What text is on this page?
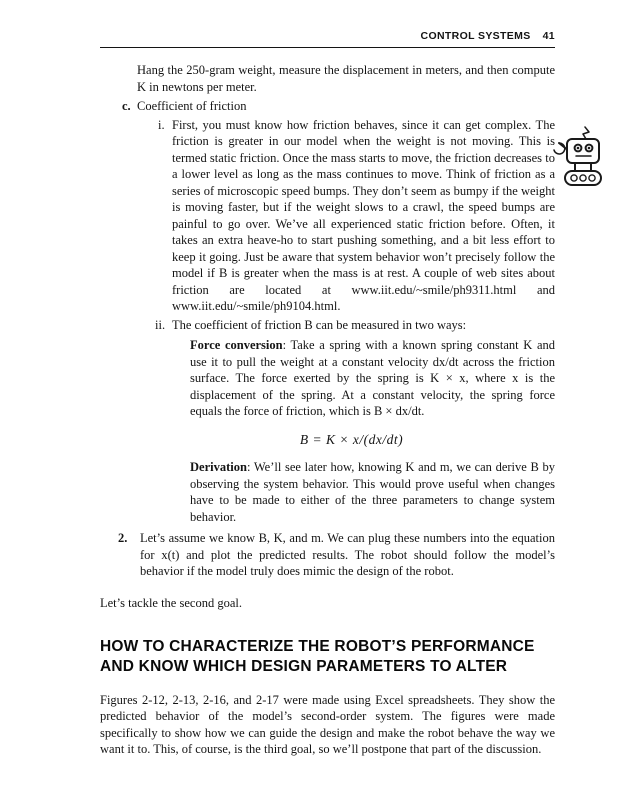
CONTROL SYSTEMS 41

Hang the 250-gram weight, measure the displacement in meters, and then compute K in newtons per meter.

c. Coefficient of friction
i. First, you must know how friction behaves, since it can get complex. The friction is greater in our model when the weight is not moving. This is termed static friction. Once the mass starts to move, the friction decreases to a lower level as long as the mass continues to move. Think of friction as a series of microscopic speed bumps. They don’t seem as bumpy if the weight is moving faster, but if the weight slows to a crawl, the speed bumps are painful to go over. We’ve all experienced static friction before. Often, it takes an extra heave-ho to start pushing something, and a bit less effort to keep it going. Just be aware that system behavior won’t precisely follow the model if B is greater when the mass is at rest. A couple of web sites about friction are located at www.iit.edu/~smile/ph9311.html and www.iit.edu/~smile/ph9104.html.
ii. The coefficient of friction B can be measured in two ways:

Force conversion: Take a spring with a known spring constant K and use it to pull the weight at a constant velocity dx/dt across the friction surface. The force exerted by the spring is K × x, where x is the displacement of the spring. At a constant velocity, the spring force equals the force of friction, which is B × dx/dt.

B = K × x/(dx/dt)

Derivation: We’ll see later how, knowing K and m, we can derive B by observing the system behavior. This would prove useful when changes have to be made to either of the three parameters to change system behavior.

2.	Let’s assume we know B, K, and m. We can plug these numbers into the equation for x(t) and plot the predicted results. The robot should follow the model’s behavior if the model truly does mimic the design of the robot.

Let’s tackle the second goal.

HOW TO CHARACTERIZE THE ROBOT’S PERFORMANCE
AND KNOW WHICH DESIGN PARAMETERS TO ALTER

Figures 2-12, 2-13, 2-16, and 2-17 were made using Excel spreadsheets. They show the predicted behavior of the model’s second-order system. The figures were made specifically to show how we can guide the design and make the robot behave the way we want it to. This, of course, is the third goal, so we’ll postpone that part of the discussion.
